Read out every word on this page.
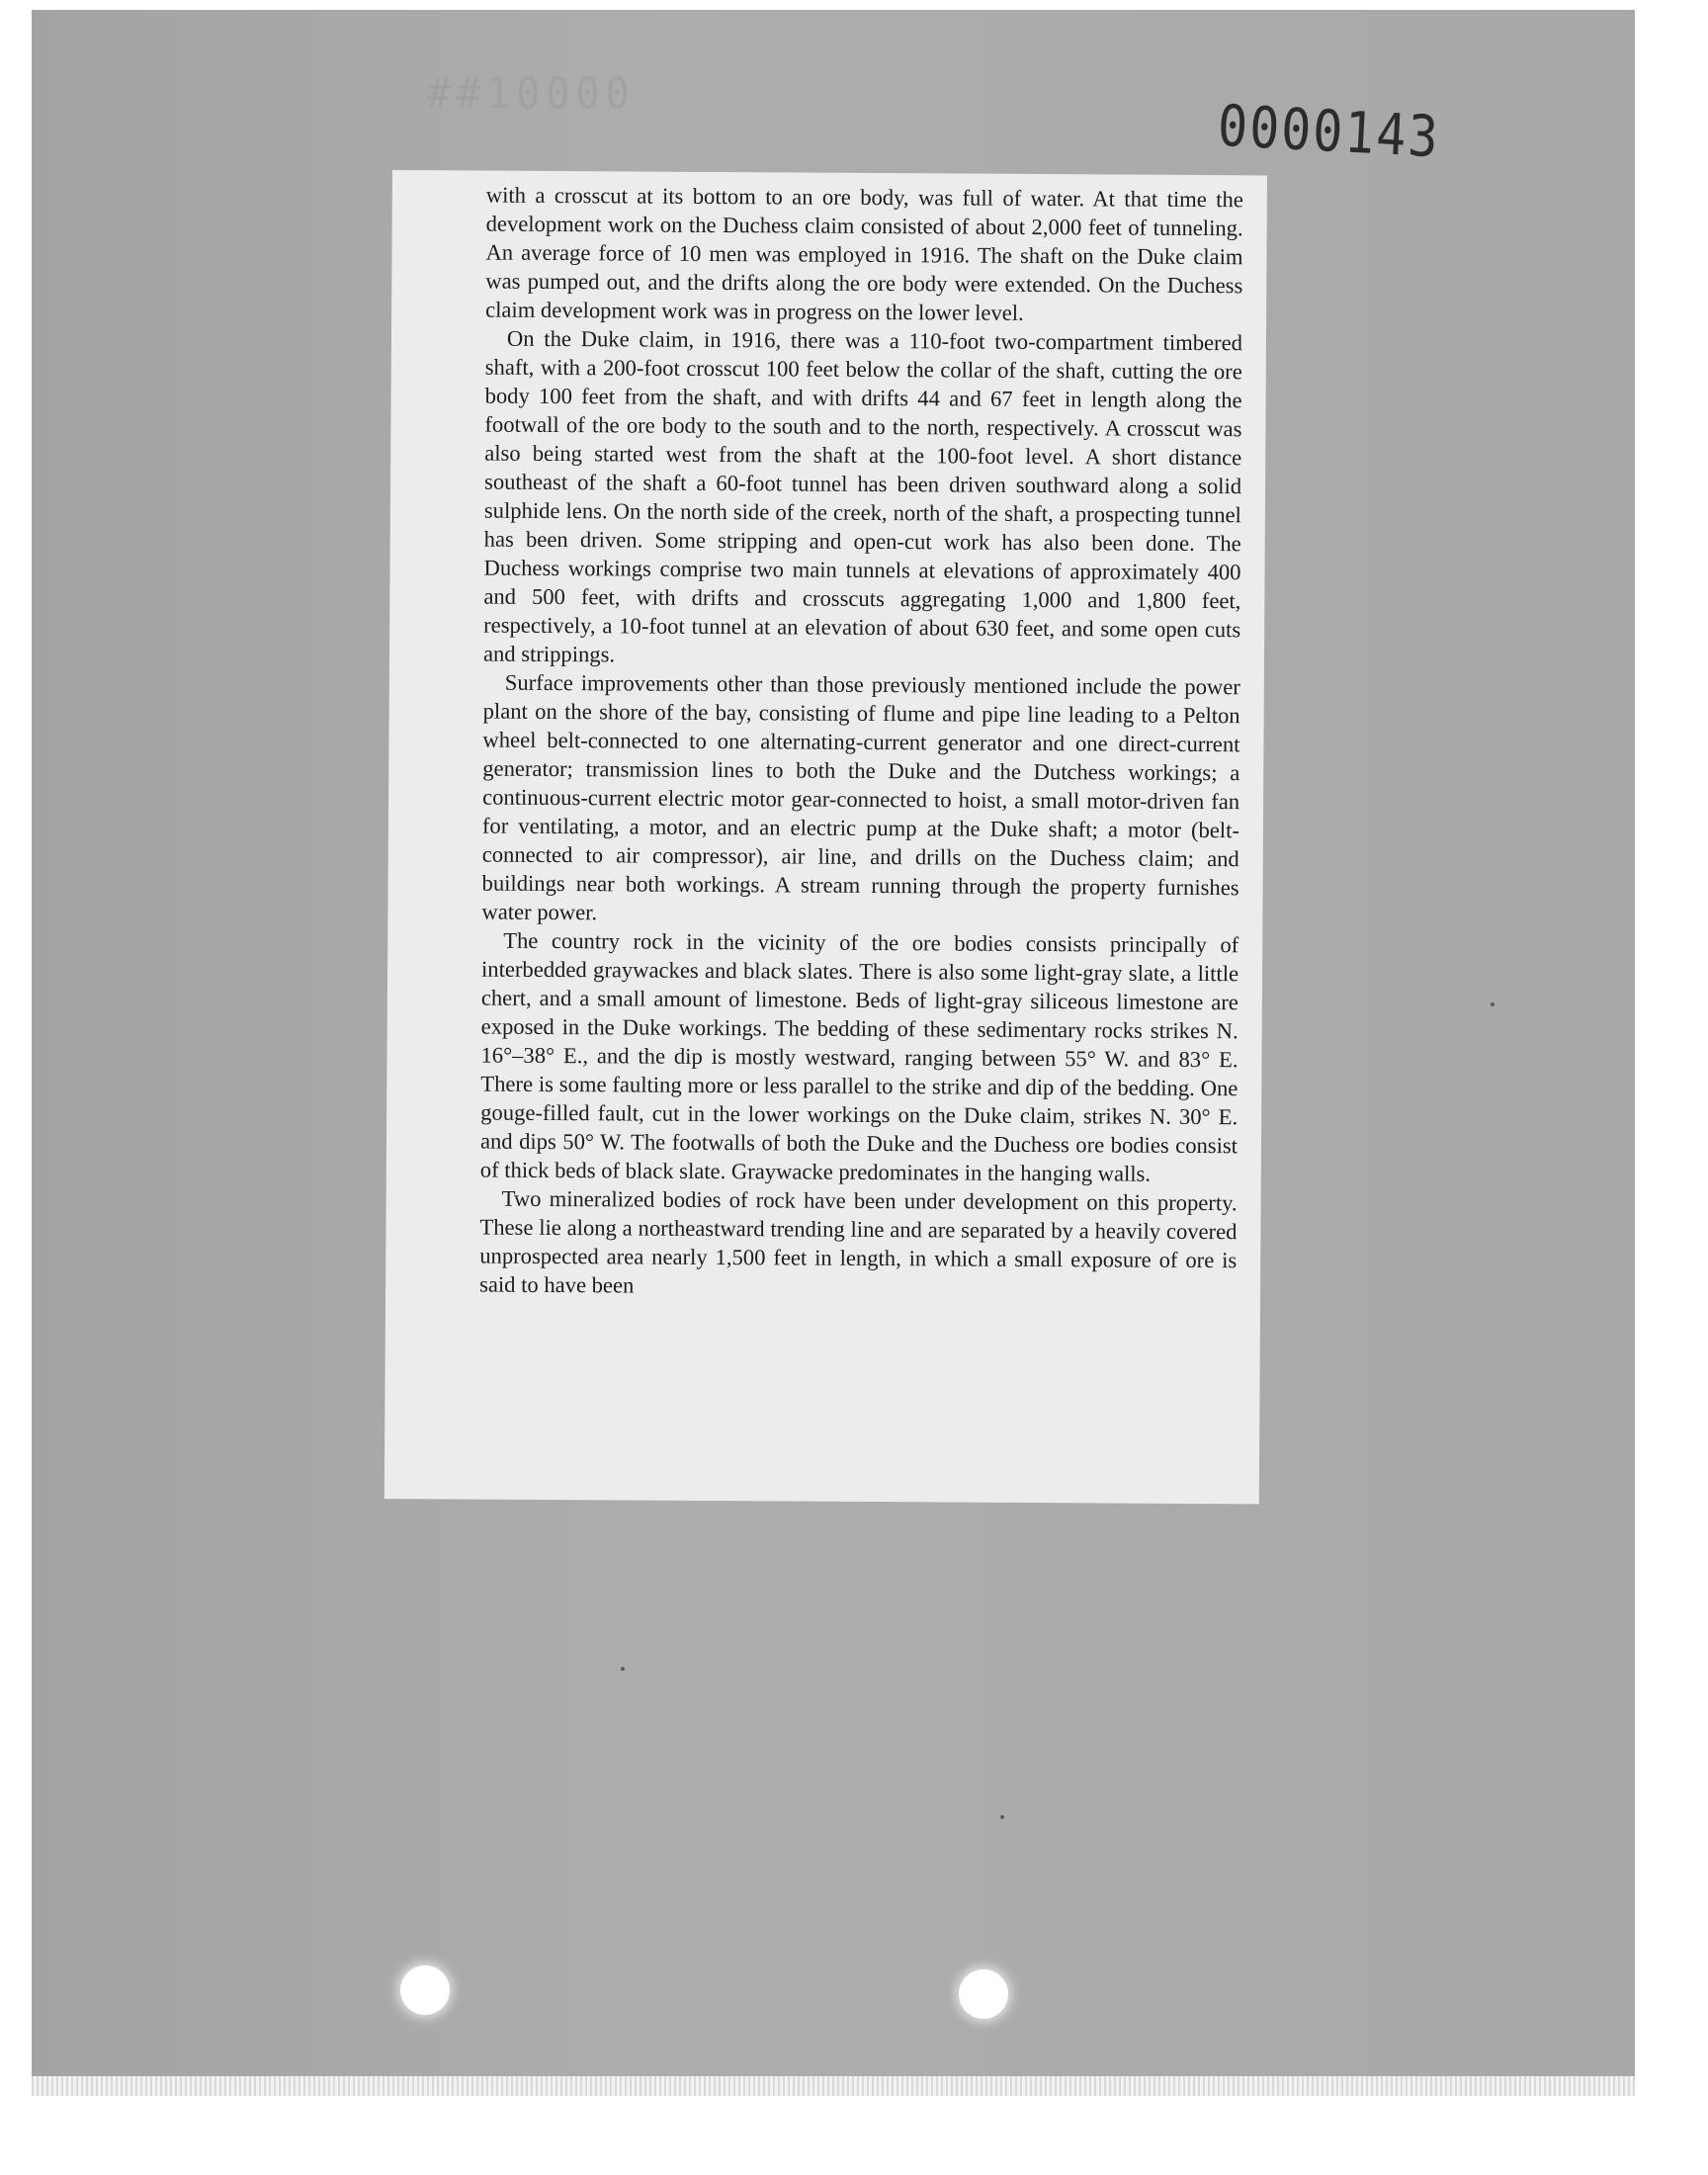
##10000	0000143

with a crosscut at its bottom to an ore body, was full of water. At that time the development work on the Duchess claim consisted of about 2,000 feet of tunneling. An average force of 10 men was employed in 1916. The shaft on the Duke claim was pumped out, and the drifts along the ore body were extended. On the Duchess claim development work was in progress on the lower level.

On the Duke claim, in 1916, there was a 110-foot two-compartment timbered shaft, with a 200-foot crosscut 100 feet below the collar of the shaft, cutting the ore body 100 feet from the shaft, and with drifts 44 and 67 feet in length along the footwall of the ore body to the south and to the north, respectively. A crosscut was also being started west from the shaft at the 100-foot level. A short distance southeast of the shaft a 60-foot tunnel has been driven southward along a solid sulphide lens. On the north side of the creek, north of the shaft, a prospecting tunnel has been driven. Some stripping and open-cut work has also been done. The Duchess workings comprise two main tunnels at elevations of approximately 400 and 500 feet, with drifts and crosscuts aggregating 1,000 and 1,800 feet, respectively, a 10-foot tunnel at an elevation of about 630 feet, and some open cuts and strippings.

Surface improvements other than those previously mentioned include the power plant on the shore of the bay, consisting of flume and pipe line leading to a Pelton wheel belt-connected to one alternating-current generator and one direct-current generator; transmission lines to both the Duke and the Dutchess workings; a continuous-current electric motor gear-connected to hoist, a small motor-driven fan for ventilating, a motor, and an electric pump at the Duke shaft; a motor (belt-connected to air compressor), air line, and drills on the Duchess claim; and buildings near both workings. A stream running through the property furnishes water power.

The country rock in the vicinity of the ore bodies consists principally of interbedded graywackes and black slates. There is also some light-gray slate, a little chert, and a small amount of limestone. Beds of light-gray siliceous limestone are exposed in the Duke workings. The bedding of these sedimentary rocks strikes N. 16°–38° E., and the dip is mostly westward, ranging between 55° W. and 83° E. There is some faulting more or less parallel to the strike and dip of the bedding. One gouge-filled fault, cut in the lower workings on the Duke claim, strikes N. 30° E. and dips 50° W. The footwalls of both the Duke and the Duchess ore bodies consist of thick beds of black slate. Graywacke predominates in the hanging walls.

Two mineralized bodies of rock have been under development on this property. These lie along a northeastward trending line and are separated by a heavily covered unprospected area nearly 1,500 feet in length, in which a small exposure of ore is said to have been
